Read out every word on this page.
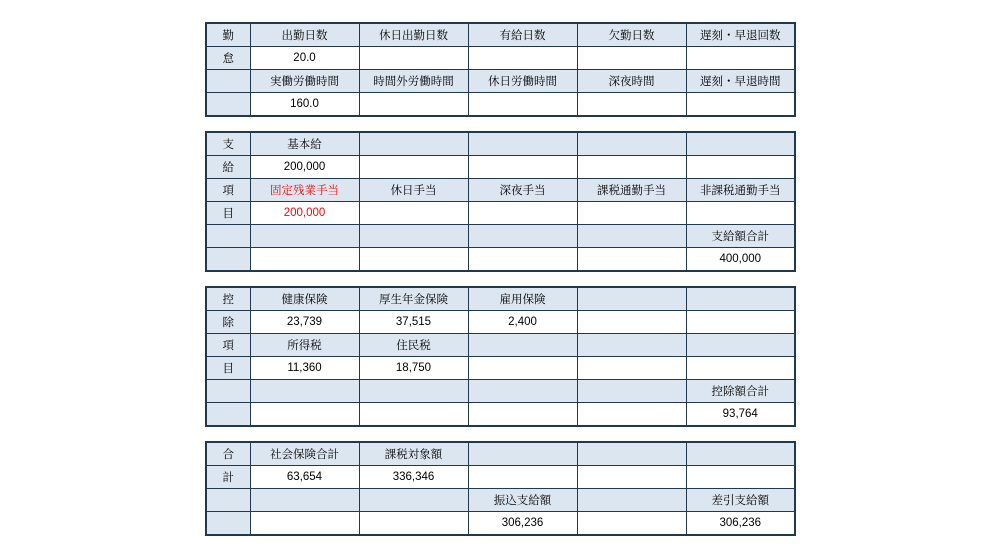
勤	出勤日数	休日出勤日数	有給日数	欠勤日数	遅刻・早退回数
怠	20.0				
	実働労働時間	時間外労働時間	休日労働時間	深夜時間	遅刻・早退時間
	160.0				
支	基本給				
給	200,000				
項	固定残業手当	休日手当	深夜手当	課税通勤手当	非課税通勤手当
目	200,000				
					支給額合計
					400,000
控	健康保険	厚生年金保険	雇用保険		
除	23,739	37,515	2,400		
項	所得税	住民税			
目	11,360	18,750			
					控除額合計
					93,764
合	社会保険合計	課税対象額			
計	63,654	336,346			
			振込支給額		差引支給額
			306,236		306,236
